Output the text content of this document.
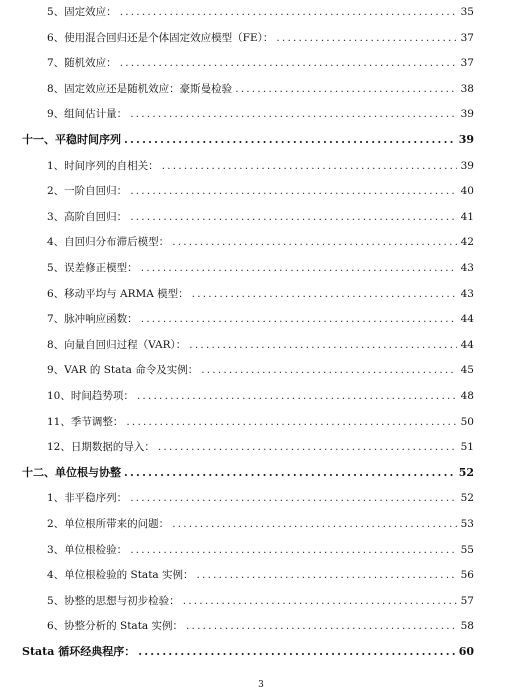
5、固定效应： .....	35
6、使用混合回归还是个体固定效应模型（FE）： .....	37
7、随机效应： .....	37
8、固定效应还是随机效应：豪斯曼检验 .....	38
9、组间估计量： .....	39
十一、平稳时间序列 .....	39
1、时间序列的自相关： .....	39
2、一阶自回归： .....	40
3、高阶自回归： .....	41
4、自回归分布滞后模型： .....	42
5、误差修正模型： .....	43
6、移动平均与 ARMA 模型： .....	43
7、脉冲响应函数： .....	44
8、向量自回归过程（VAR）： .....	44
9、VAR 的 Stata 命令及实例： .....	45
10、时间趋势项： .....	48
11、季节调整： .....	50
12、日期数据的导入： .....	51
十二、单位根与协整 .....	52
1、非平稳序列： .....	52
2、单位根所带来的问题： .....	53
3、单位根检验： .....	55
4、单位根检验的 Stata 实例： .....	56
5、协整的思想与初步检验： .....	57
6、协整分析的 Stata 实例： .....	58
Stata 循环经典程序： .....	60
3
